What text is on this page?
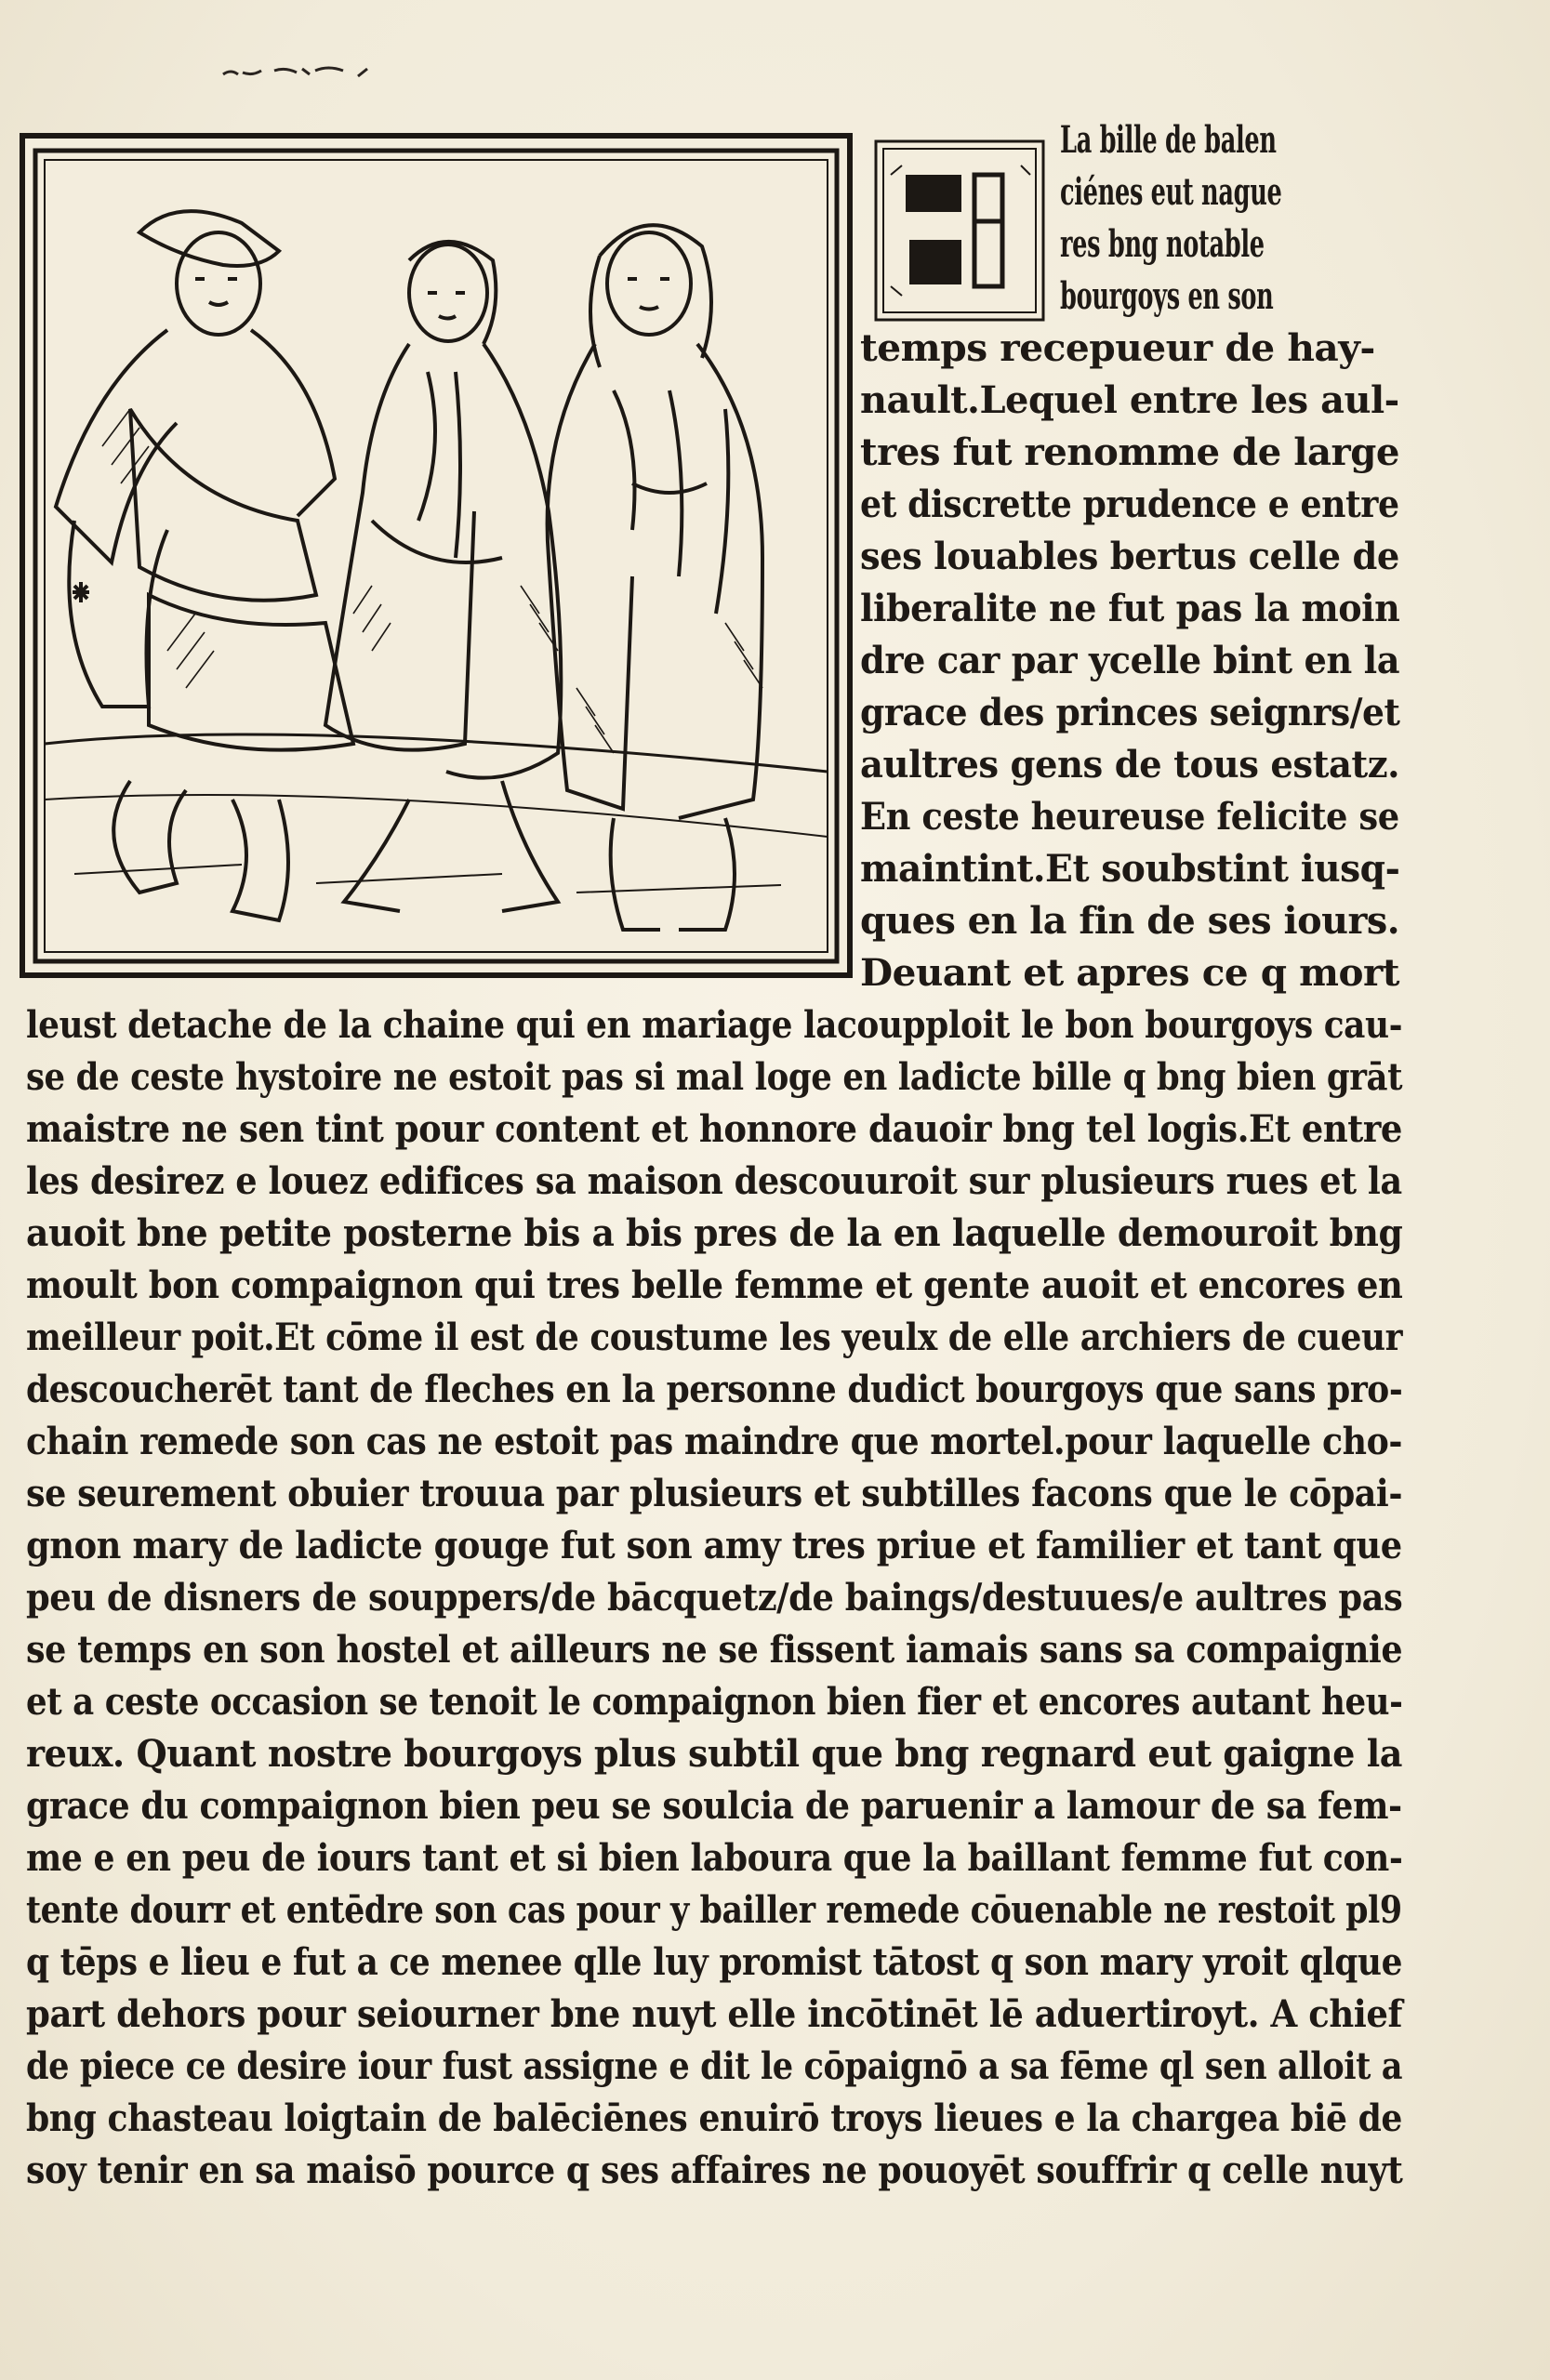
La bille de balen
ciénes eut nague
res bng notable
bourgoys en son
temps recepueur de hay-
nault.Lequel entre les aul-
tres fut renomme de large
et discrette prudence e entre
ses louables bertus celle de
liberalite ne fut pas la moin
dre car par ycelle bint en la
grace des princes seignrs/et
aultres gens de tous estatz.
En ceste heureuse felicite se
maintint.Et soubstint iusq-
ques en la fin de ses iours.
Deuant et apres ce q mort
leust detache de la chaine qui en mariage lacoupploit le bon bourgoys cau-
se de ceste hystoire ne estoit pas si mal loge en ladicte bille q bng bien grāt
maistre ne sen tint pour content et honnore dauoir bng tel logis.Et entre
les desirez e louez edifices sa maison descouuroit sur plusieurs rues et la
auoit bne petite posterne bis a bis pres de la en laquelle demouroit bng
moult bon compaignon qui tres belle femme et gente auoit et encores en
meilleur poit.Et cōme il est de coustume les yeulx de elle archiers de cueur
descoucherēt tant de fleches en la personne dudict bourgoys que sans pro-
chain remede son cas ne estoit pas maindre que mortel.pour laquelle cho-
se seurement obuier trouua par plusieurs et subtilles facons que le cōpai-
gnon mary de ladicte gouge fut son amy tres priue et familier et tant que
peu de disners de souppers/de bācquetz/de baings/destuues/e aultres pas
se temps en son hostel et ailleurs ne se fissent iamais sans sa compaignie
et a ceste occasion se tenoit le compaignon bien fier et encores autant heu-
reux. Quant nostre bourgoys plus subtil que bng regnard eut gaigne la
grace du compaignon bien peu se soulcia de paruenir a lamour de sa fem-
me e en peu de iours tant et si bien laboura que la baillant femme fut con-
tente dourr et entēdre son cas pour y bailler remede cōuenable ne restoit pl9
q tēps e lieu e fut a ce menee qlle luy promist tātost q son mary yroit qlque
part dehors pour seiourner bne nuyt elle incōtinēt lē aduertiroyt. A chief
de piece ce desire iour fust assigne e dit le cōpaignō a sa fēme ql sen alloit a
bng chasteau loigtain de balēciēnes enuirō troys lieues e la chargea biē de
soy tenir en sa maisō pource q ses affaires ne pouoyēt souffrir q celle nuyt
